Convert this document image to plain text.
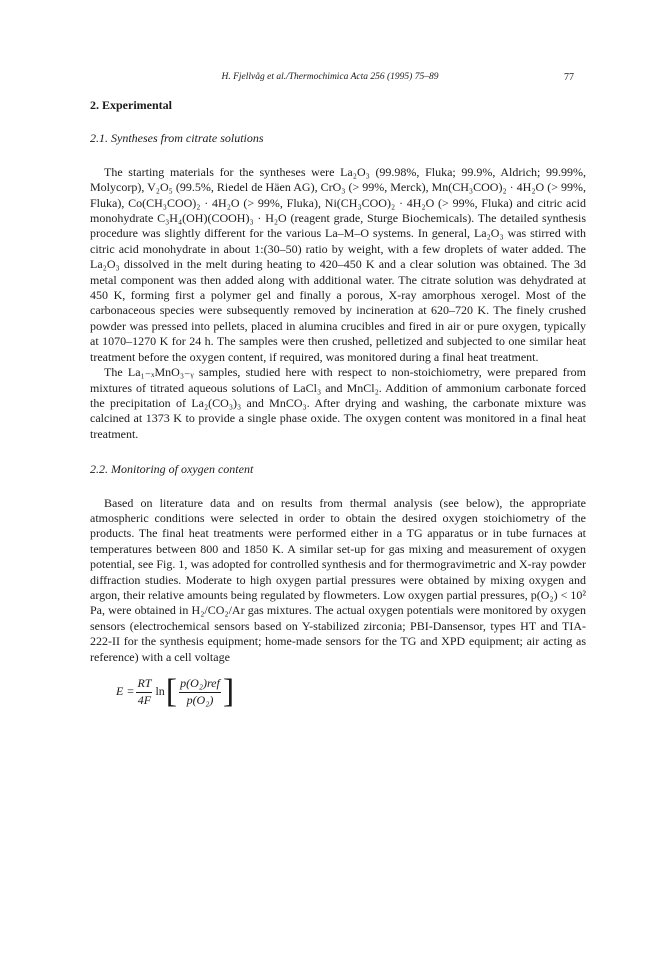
H. Fjellvåg et al./Thermochimica Acta 256 (1995) 75–89	77
2. Experimental
2.1. Syntheses from citrate solutions

The starting materials for the syntheses were La₂O₃ (99.98%, Fluka; 99.9%, Aldrich; 99.99%, Molycorp), V₂O₅ (99.5%, Riedel de Häen AG), CrO₃ (> 99%, Merck), Mn(CH₃COO)₂ · 4H₂O (> 99%, Fluka), Co(CH₃COO)₂ · 4H₂O (> 99%, Fluka), Ni(CH₃COO)₂ · 4H₂O (> 99%, Fluka) and citric acid monohydrate C₃H₄(OH)(COOH)₃ · H₂O (reagent grade, Sturge Biochemicals). The detailed synthesis procedure was slightly different for the various La–M–O systems. In general, La₂O₃ was stirred with citric acid monohydrate in about 1:(30–50) ratio by weight, with a few droplets of water added. The La₂O₃ dissolved in the melt during heating to 420–450 K and a clear solution was obtained. The 3d metal component was then added along with additional water. The citrate solution was dehydrated at 450 K, forming first a polymer gel and finally a porous, X-ray amorphous xerogel. Most of the carbonaceous species were subsequently removed by incineration at 620–720 K. The finely crushed powder was pressed into pellets, placed in alumina crucibles and fired in air or pure oxygen, typically at 1070–1270 K for 24 h. The samples were then crushed, pelletized and subjected to one similar heat treatment before the oxygen content, if required, was monitored during a final heat treatment.

The La₁₋ₓMnO₃₋ᵧ samples, studied here with respect to non-stoichiometry, were prepared from mixtures of titrated aqueous solutions of LaCl₃ and MnCl₂. Addition of ammonium carbonate forced the precipitation of La₂(CO₃)₃ and MnCO₃. After drying and washing, the carbonate mixture was calcined at 1373 K to provide a single phase oxide. The oxygen content was monitored in a final heat treatment.

2.2. Monitoring of oxygen content

Based on literature data and on results from thermal analysis (see below), the appropriate atmospheric conditions were selected in order to obtain the desired oxygen stoichiometry of the products. The final heat treatments were performed either in a TG apparatus or in tube furnaces at temperatures between 800 and 1850 K. A similar set-up for gas mixing and measurement of oxygen potential, see Fig. 1, was adopted for controlled synthesis and for thermogravimetric and X-ray powder diffraction studies. Moderate to high oxygen partial pressures were obtained by mixing oxygen and argon, their relative amounts being regulated by flowmeters. Low oxygen partial pressures, p(O₂) < 10² Pa, were obtained in H₂/CO₂/Ar gas mixtures. The actual oxygen potentials were monitored by oxygen sensors (electrochemical sensors based on Y-stabilized zirconia; PBI-Dansensor, types HT and TIA-222-II for the synthesis equipment; home-made sensors for the TG and XPD equipment; air acting as reference) with a cell voltage

$E = \frac{RT}{4F}$ ln [ $\frac{\text{p(O₂)ref}}{\text{p(O₂)}}$ ]
